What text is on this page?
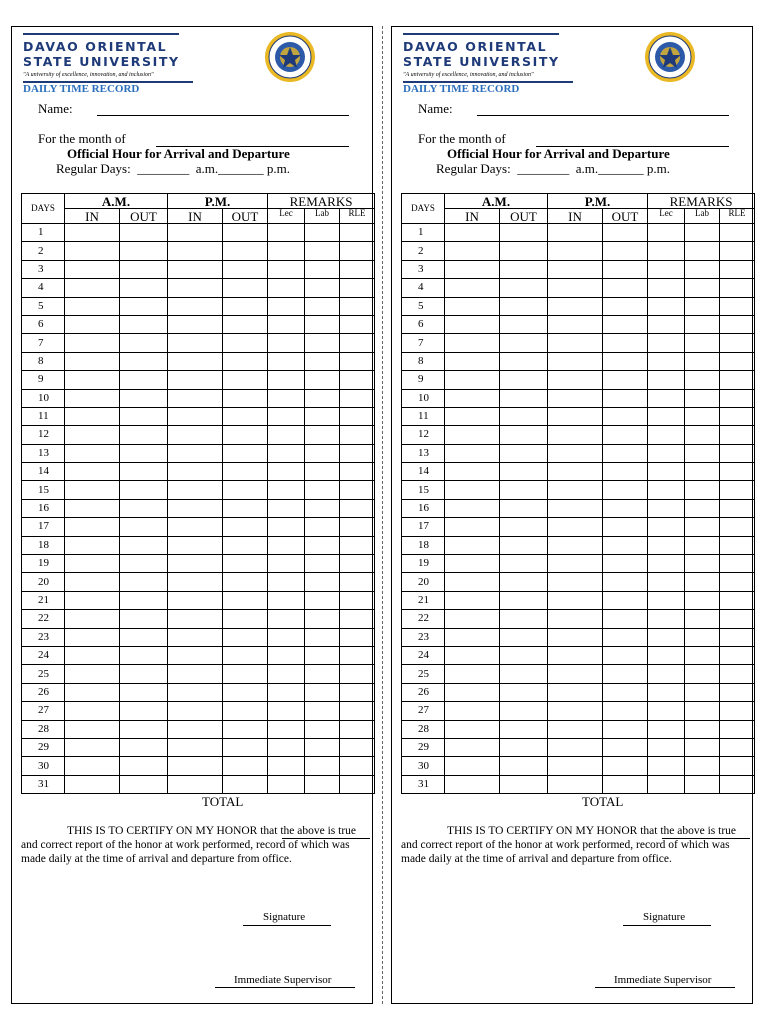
DAVAO ORIENTAL
STATE UNIVERSITY
"A university of excellence, innovation, and inclusion"
DAILY TIME RECORD
Name:
For the month of
Official Hour for Arrival and Departure
Regular Days:  ________  a.m._______ p.m.
DAYS	A.M.		P.M.		REMARKS		
	IN	OUT	IN	OUT	Lec	Lab	RLE
1							
2							
3							
4							
5							
6							
7							
8							
9							
10							
11							
12							
13							
14							
15							
16							
17							
18							
19							
20							
21							
22							
23							
24							
25							
26							
27							
28							
29							
30							
31							
TOTAL
THIS IS TO CERTIFY ON MY HONOR that the above is true and correct report of the honor at work performed, record of which was made daily at the time of arrival and departure from office.
Signature
Immediate Supervisor
DAVAO ORIENTAL
STATE UNIVERSITY
"A university of excellence, innovation, and inclusion"
DAILY TIME RECORD
Name:
For the month of
Official Hour for Arrival and Departure
Regular Days:  ________  a.m._______ p.m.
DAYS	A.M.		P.M.		REMARKS		
	IN	OUT	IN	OUT	Lec	Lab	RLE
1							
2							
3							
4							
5							
6							
7							
8							
9							
10							
11							
12							
13							
14							
15							
16							
17							
18							
19							
20							
21							
22							
23							
24							
25							
26							
27							
28							
29							
30							
31							
TOTAL
THIS IS TO CERTIFY ON MY HONOR that the above is true and correct report of the honor at work performed, record of which was made daily at the time of arrival and departure from office.
Signature
Immediate Supervisor
